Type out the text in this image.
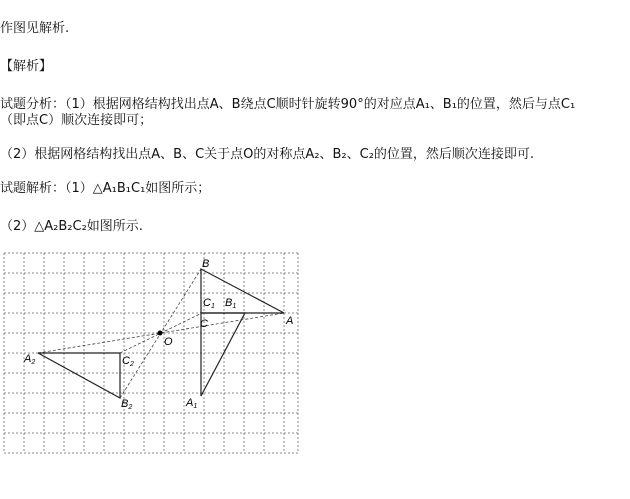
作图见解析.
【解析】
试题分析：（1）根据网格结构找出点A、B绕点C顺时针旋转90°的对应点A₁、B₁的位置，然后与点C₁
（即点C）顺次连接即可；
（2）根据网格结构找出点A、B、C关于点O的对称点A₂、B₂、C₂的位置，然后顺次连接即可.
试题解析：（1）△A₁B₁C₁如图所示；
（2）△A₂B₂C₂如图所示.
B
A
C
O
C1 B1
A1
A2
B2
C2
